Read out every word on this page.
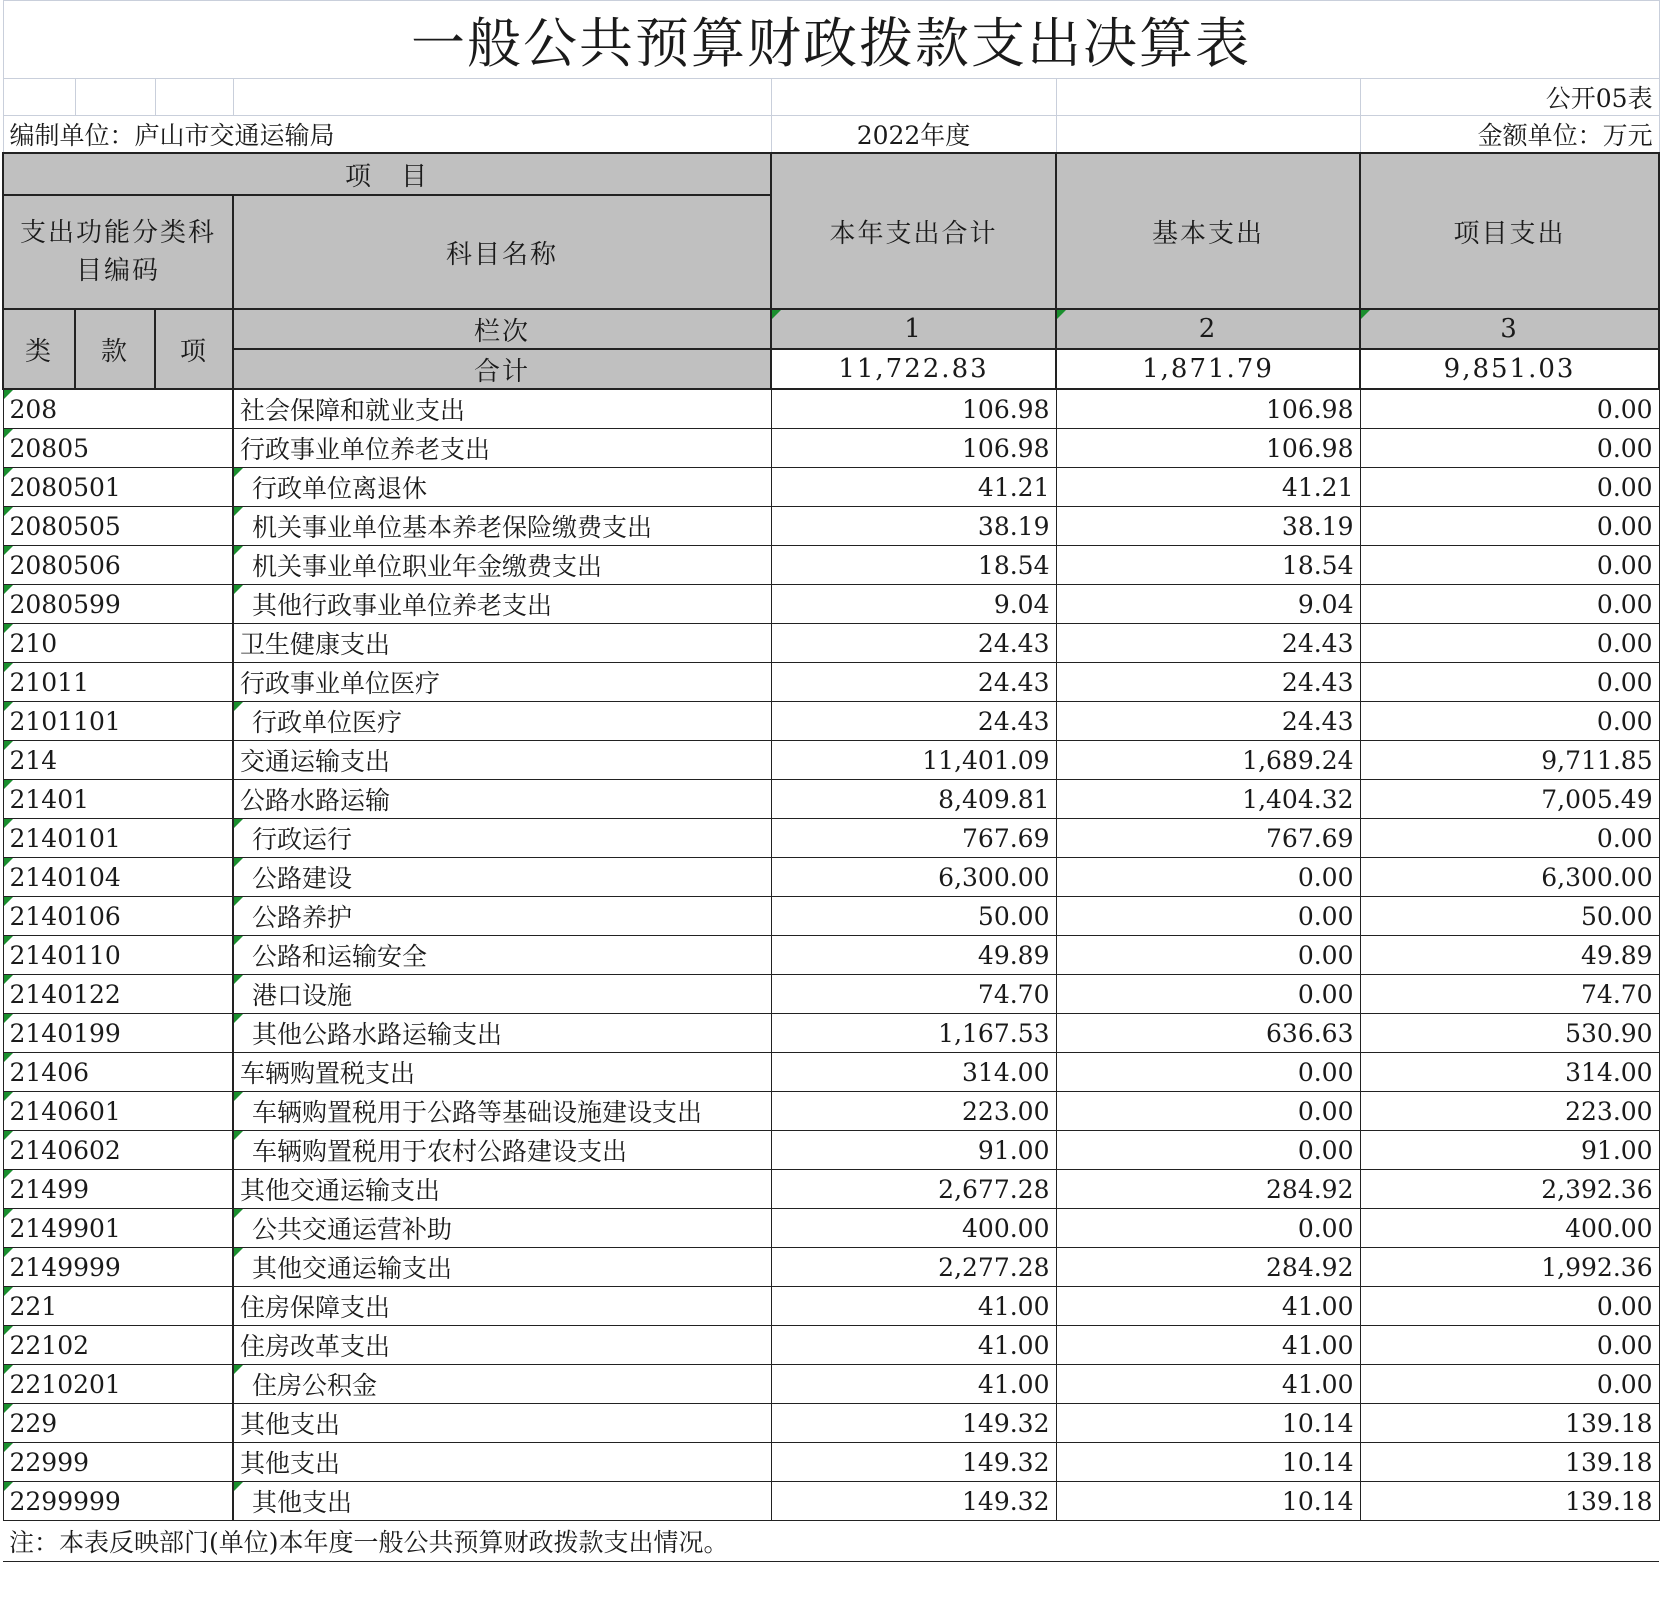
一般公共预算财政拨款支出决算表						
						公开05表
编制单位：庐山市交通运输局				2022年度		金额单位：万元
项　目				本年支出合计	基本支出	项目支出
支出功能分类科目编码			科目名称			
类	款	项	栏次	1	2	3
			合计	11,722.83	1,871.79	9,851.03
208			社会保障和就业支出	106.98	106.98	0.00
20805			行政事业单位养老支出	106.98	106.98	0.00
2080501			行政单位离退休	41.21	41.21	0.00
2080505			机关事业单位基本养老保险缴费支出	38.19	38.19	0.00
2080506			机关事业单位职业年金缴费支出	18.54	18.54	0.00
2080599			其他行政事业单位养老支出	9.04	9.04	0.00
210			卫生健康支出	24.43	24.43	0.00
21011			行政事业单位医疗	24.43	24.43	0.00
2101101			行政单位医疗	24.43	24.43	0.00
214			交通运输支出	11,401.09	1,689.24	9,711.85
21401			公路水路运输	8,409.81	1,404.32	7,005.49
2140101			行政运行	767.69	767.69	0.00
2140104			公路建设	6,300.00	0.00	6,300.00
2140106			公路养护	50.00	0.00	50.00
2140110			公路和运输安全	49.89	0.00	49.89
2140122			港口设施	74.70	0.00	74.70
2140199			其他公路水路运输支出	1,167.53	636.63	530.90
21406			车辆购置税支出	314.00	0.00	314.00
2140601			车辆购置税用于公路等基础设施建设支出	223.00	0.00	223.00
2140602			车辆购置税用于农村公路建设支出	91.00	0.00	91.00
21499			其他交通运输支出	2,677.28	284.92	2,392.36
2149901			公共交通运营补助	400.00	0.00	400.00
2149999			其他交通运输支出	2,277.28	284.92	1,992.36
221			住房保障支出	41.00	41.00	0.00
22102			住房改革支出	41.00	41.00	0.00
2210201			住房公积金	41.00	41.00	0.00
229			其他支出	149.32	10.14	139.18
22999			其他支出	149.32	10.14	139.18
2299999			其他支出	149.32	10.14	139.18
注：本表反映部门(单位)本年度一般公共预算财政拨款支出情况。						
